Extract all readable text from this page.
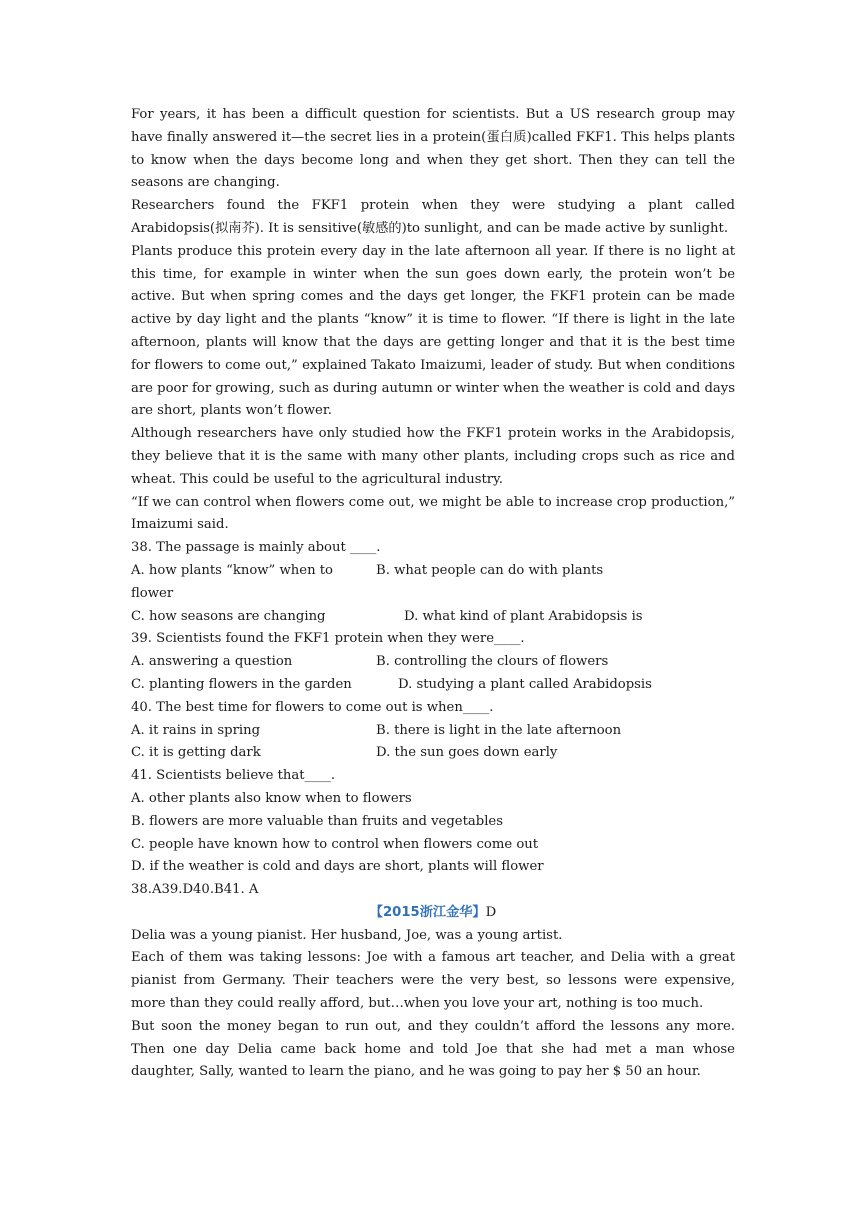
For years, it has been a difficult question for scientists. But a US research group may have finally answered it—the secret lies in a protein(蛋白质)called FKF1. This helps plants to know when the days become long and when they get short. Then they can tell the seasons are changing.

Researchers found the FKF1 protein when they were studying a plant called Arabidopsis(拟南芥). It is sensitive(敏感的)to sunlight, and can be made active by sunlight.

Plants produce this protein every day in the late afternoon all year. If there is no light at this time, for example in winter when the sun goes down early, the protein won’t be active. But when spring comes and the days get longer, the FKF1 protein can be made active by day light and the plants “know” it is time to flower. “If there is light in the late afternoon, plants will know that the days are getting longer and that it is the best time for flowers to come out,” explained Takato Imaizumi, leader of study. But when conditions are poor for growing, such as during autumn or winter when the weather is cold and days are short, plants won’t flower.

Although researchers have only studied how the FKF1 protein works in the Arabidopsis, they believe that it is the same with many other plants, including crops such as rice and wheat. This could be useful to the agricultural industry.

“If we can control when flowers come out, we might be able to increase crop production,” Imaizumi said.

38. The passage is mainly about ____.

A. how plants “know” when to flower
B. what people can do with plants
C. how seasons are changing	D. what kind of plant Arabidopsis is

39. Scientists found the FKF1 protein when they were____.

A. answering a question	B. controlling the clours of flowers
C. planting flowers in the garden	D. studying a plant called Arabidopsis

40. The best time for flowers to come out is when____.

A. it rains in spring	B. there is light in the late afternoon
C. it is getting dark	D. the sun goes down early

41. Scientists believe that____.

A. other plants also know when to flowers

B. flowers are more valuable than fruits and vegetables

C. people have known how to control when flowers come out

D. if the weather is cold and days are short, plants will flower

38.A39.D40.B41. A

【2015浙江金华】D

Delia was a young pianist. Her husband, Joe, was a young artist.

Each of them was taking lessons: Joe with a famous art teacher, and Delia with a great pianist from Germany. Their teachers were the very best, so lessons were expensive, more than they could really afford, but…when you love your art, nothing is too much.

But soon the money began to run out, and they couldn’t afford the lessons any more. Then one day Delia came back home and told Joe that she had met a man whose daughter, Sally, wanted to learn the piano, and he was going to pay her $ 50 an hour.
